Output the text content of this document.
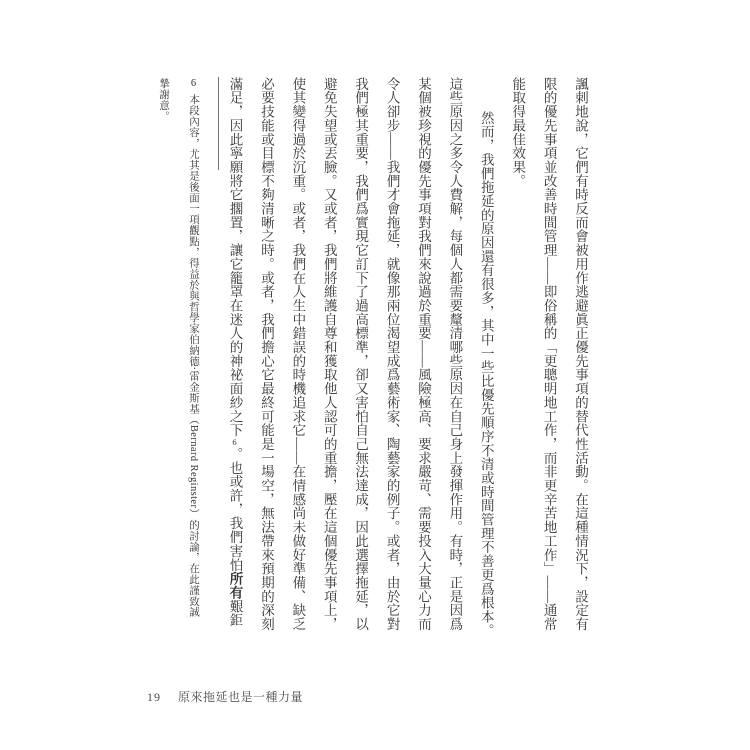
諷刺地說，它們有時反而會被用作逃避眞正優先事項的替代性活動。在這種情況下，設定有限的優先事項並改善時間管理——即俗稱的「更聰明地工作，而非更辛苦地工作」——通常能取得最佳效果。

然而，我們拖延的原因還有很多，其中一些比優先順序不清或時間管理不善更爲根本。這些原因之多令人費解，每個人都需要釐清哪些原因在自己身上發揮作用。有時，正是因爲某個被珍視的優先事項對我們來說過於重要——風險極高、要求嚴苛、需要投入大量心力而令人卻步——我們才會拖延，就像那兩位渴望成爲藝術家、陶藝家的例子。或者，由於它對我們極其重要，我們爲實現它訂下了過高標準，卻又害怕自己無法達成，因此選擇拖延，以避免失望或丟臉。又或者，我們將維護自尊和獲取他人認可的重擔，壓在這個優先事項上，使其變得過於沉重。或者，我們在人生中錯誤的時機追求它——在情感尚未做好準備、缺乏必要技能或目標不夠清晰之時。或者，我們擔心它最終可能是一場空，無法帶來預期的深刻滿足，因此寧願將它擱置，讓它籠罩在迷人的神祕面紗之下6。也或許，我們害怕所有艱鉅

6本段內容，尤其是後面一項觀點，得益於與哲學家伯納德·雷金斯基（Bernard Reginster）的討論，在此謹致誠摯謝意。
19 原來拖延也是一種力量
